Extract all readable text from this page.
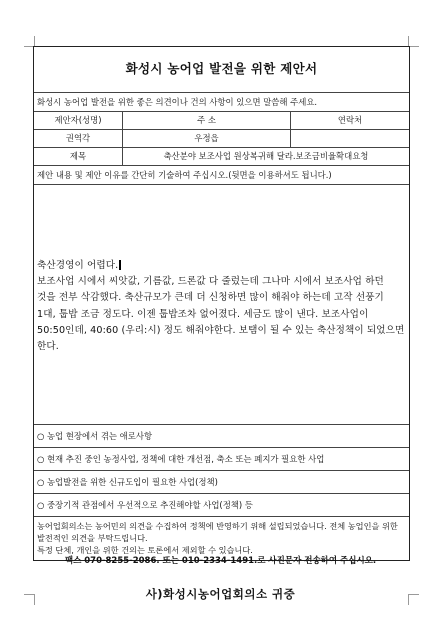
화성시 농어업 발전을 위한 제안서
화성시 농어업 발전을 위한 좋은 의견이나 건의 사항이 있으면 말씀해 주세요.
제안자(성명)	주 소	연락처
권역각	우정읍
제목	축산분야 보조사업 원상복귀해 달라.보조금비율확대요청
제안 내용 및 제안 이유를 간단히 기술하여 주십시오.(뒷면을 이용하셔도 됩니다.)

축산경영이 어렵다.

보조사업 시에서 씨앗값, 기름값, 드론값 다 줄렀는데 그나마 시에서 보조사업 하던 것을 전부 삭감했다. 축산규모가 큰데 더 신청하면 많이 해줘야 하는데 고작 선풍기 1대, 툽밥 조금 정도다. 이젠 툽밥조차 없어졌다. 세금도 많이 낸다. 보조사업이 50:50인데, 40:60 (우리:시) 정도 해줘야한다. 보탬이 될 수 있는 축산정책이 되었으면 한다.

○ 농업 현장에서 겪는 애로사항
○ 현재 추진 중인 농정사업, 정책에 대한 개선점, 축소 또는 폐지가 필요한 사업
○ 농업발전을 위한 신규도입이 필요한 사업(정책)
○ 중장기적 관점에서 우선적으로 추진해야할 사업(정책) 등

농어업회의소는 농어민의 의견을 수집하여 정책에 반영하기 위해 설립되었습니다. 전체 농업인을 위한 발전적인 의견을 부탁드립니다.

특정 단체, 개인을 위한 건의는 토론에서 제외할 수 있습니다.

팩스 070-8255-2086. 또는 010-2334-1491.로 사진문자 전송하여 주십시오.
사)화성시농어업회의소 귀중
